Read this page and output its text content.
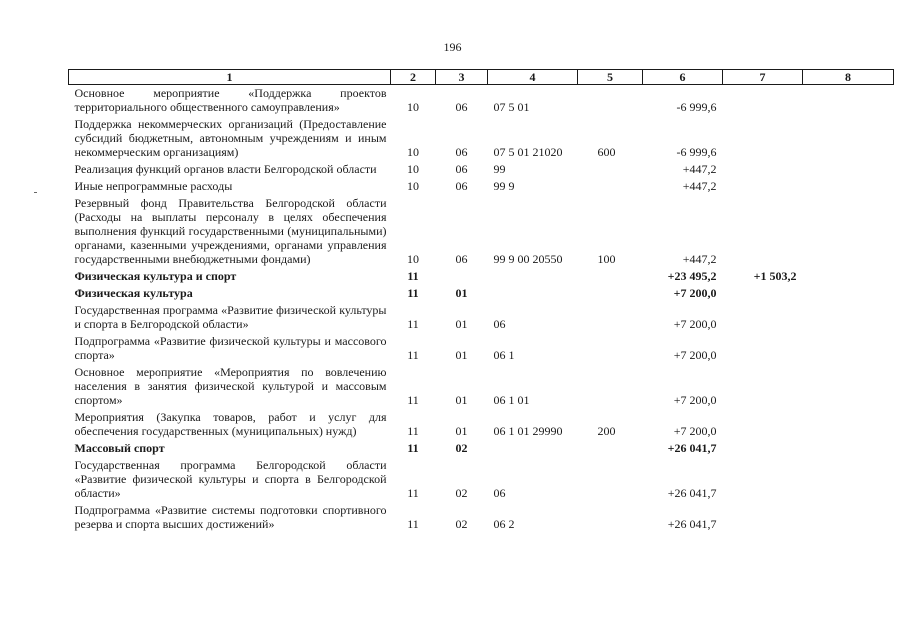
196
1	2	3	4	5	6	7	8
Основное мероприятие «Поддержка проектов территориального общественного самоуправления»	10	06	07 5 01		-6 999,6		
Поддержка некоммерческих организаций (Предоставление субсидий бюджетным, автономным учреждениям и иным некоммерческим организациям)	10	06	07 5 01 21020	600	-6 999,6		
Реализация функций органов власти Белгородской области	10	06	99		+447,2		
Иные непрограммные расходы	10	06	99 9		+447,2		
Резервный фонд Правительства Белгородской области (Расходы на выплаты персоналу в целях обеспечения выполнения функций государственными (муниципальными) органами, казенными учреждениями, органами управления государственными внебюджетными фондами)	10	06	99 9 00 20550	100	+447,2		
Физическая культура и спорт	11				+23 495,2	+1 503,2	
Физическая культура	11	01			+7 200,0		
Государственная программа «Развитие физической культуры и спорта в Белгородской области»	11	01	06		+7 200,0		
Подпрограмма «Развитие физической культуры и массового спорта»	11	01	06 1		+7 200,0		
Основное мероприятие «Мероприятия по вовлечению населения в занятия физической культурой и массовым спортом»	11	01	06 1 01		+7 200,0		
Мероприятия (Закупка товаров, работ и услуг для обеспечения государственных (муниципальных) нужд)	11	01	06 1 01 29990	200	+7 200,0		
Массовый спорт	11	02			+26 041,7		
Государственная программа Белгородской области «Развитие физической культуры и спорта в Белгородской области»	11	02	06		+26 041,7		
Подпрограмма «Развитие системы подготовки спортивного резерва и спорта высших достижений»	11	02	06 2		+26 041,7		
